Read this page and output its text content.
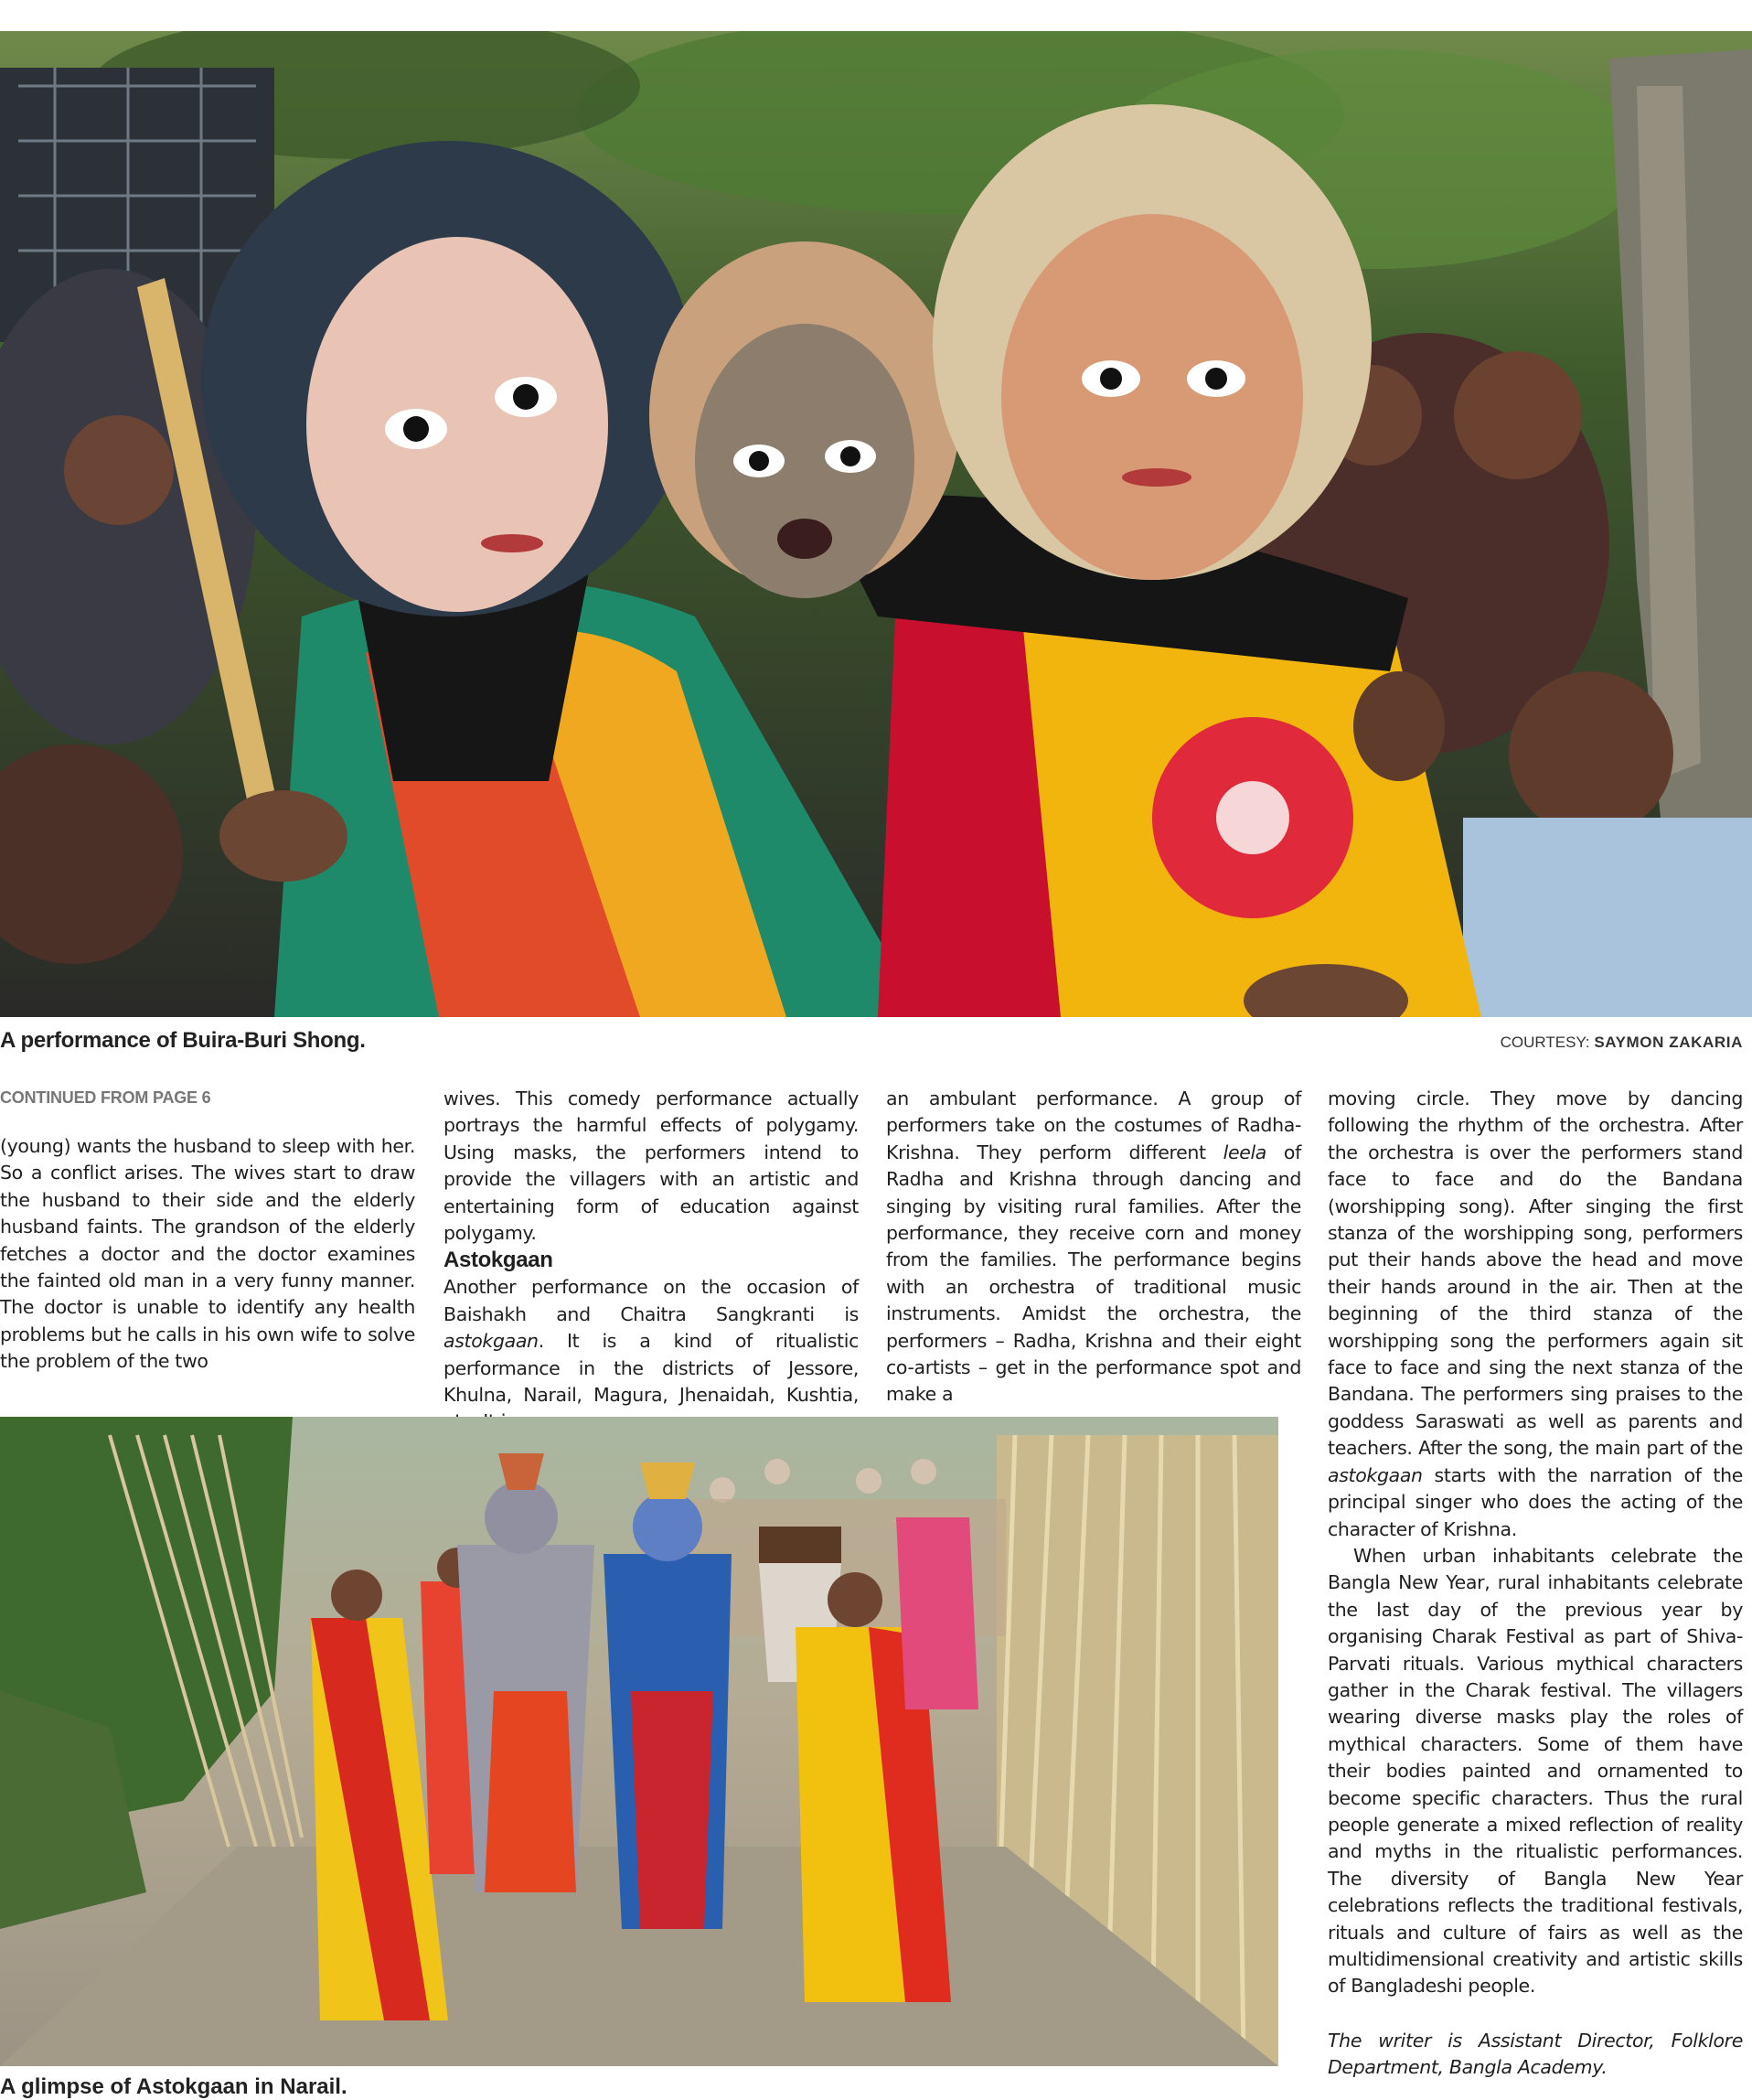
A performance of Buira-Buri Shong.	COURTESY: SAYMON ZAKARIA
CONTINUED FROM PAGE 6

(young) wants the husband to sleep with her. So a conflict arises. The wives start to draw the husband to their side and the elderly husband faints. The grandson of the elderly fetches a doctor and the doctor examines the fainted old man in a very funny manner. The doctor is unable to identify any health problems but he calls in his own wife to solve the problem of the two

wives. This comedy performance actually portrays the harmful effects of polygamy. Using masks, the performers intend to provide the villagers with an artistic and entertaining form of education against polygamy.

Astokgaan

Another performance on the occasion of Baishakh and Chaitra Sangkranti is astokgaan. It is a kind of ritualistic performance in the districts of Jessore, Khulna, Narail, Magura, Jhenaidah, Kushtia,

an ambulant performance. A group of performers take on the costumes of Radha-Krishna. They perform different leela of Radha and Krishna through dancing and singing by visiting rural families. After the performance, they receive corn and money from the families. The performance begins with an orchestra of traditional music instruments. Amidst the orchestra, the performers – Radha, Krishna and their eight co-artists – get in the performance spot and make a

moving circle. They move by dancing following the rhythm of the orchestra. After the orchestra is over the performers stand face to face and do the Bandana (worshipping song). After singing the first stanza of the worshipping song, performers put their hands above the head and move their hands around in the air. Then at the beginning of the third stanza of the worshipping song the performers again sit face to face and sing the next stanza of the Bandana. The performers sing praises to the goddess Saraswati as well as parents and teachers. After the song, the main part of the astokgaan starts with the narration of the principal singer who does the acting of the character of Krishna.

When urban inhabitants celebrate the Bangla New Year, rural inhabitants celebrate the last day of the previous year by organising Charak Festival as part of Shiva-Parvati rituals. Various mythical characters gather in the Charak festival. The villagers wearing diverse masks play the roles of mythical characters. Some of them have their bodies painted and ornamented to become specific characters. Thus the rural people generate a mixed reflection of reality and myths in the ritualistic performances. The diversity of Bangla New Year celebrations reflects the traditional festivals, rituals and culture of fairs as well as the multidimensional creativity and artistic skills of Bangladeshi people.

The writer is Assistant Director, Folklore Department, Bangla Academy.

A glimpse of Astokgaan in Narail.
